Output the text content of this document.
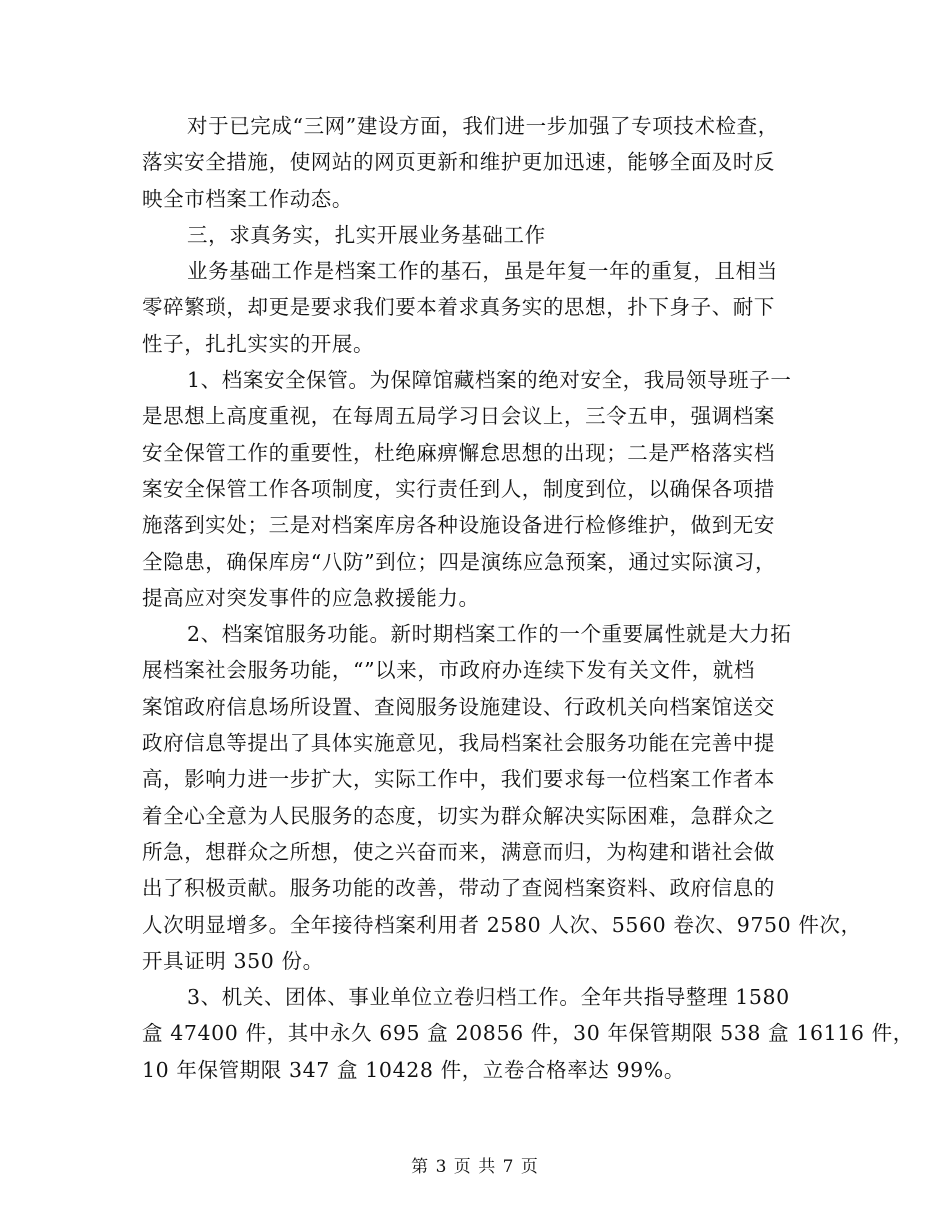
对于已完成“三网”建设方面，我们进一步加强了专项技术检查，
落实安全措施，使网站的网页更新和维护更加迅速，能够全面及时反
映全市档案工作动态。
三，求真务实，扎实开展业务基础工作
业务基础工作是档案工作的基石，虽是年复一年的重复，且相当
零碎繁琐，却更是要求我们要本着求真务实的思想，扑下身子、耐下
性子，扎扎实实的开展。
1、档案安全保管。为保障馆藏档案的绝对安全，我局领导班子一
是思想上高度重视，在每周五局学习日会议上，三令五申，强调档案
安全保管工作的重要性，杜绝麻痹懈怠思想的出现；二是严格落实档
案安全保管工作各项制度，实行责任到人，制度到位，以确保各项措
施落到实处；三是对档案库房各种设施设备进行检修维护，做到无安
全隐患，确保库房“八防”到位；四是演练应急预案，通过实际演习，
提高应对突发事件的应急救援能力。
2、档案馆服务功能。新时期档案工作的一个重要属性就是大力拓
展档案社会服务功能，“”以来，市政府办连续下发有关文件，就档
案馆政府信息场所设置、查阅服务设施建设、行政机关向档案馆送交
政府信息等提出了具体实施意见，我局档案社会服务功能在完善中提
高，影响力进一步扩大，实际工作中，我们要求每一位档案工作者本
着全心全意为人民服务的态度，切实为群众解决实际困难，急群众之
所急，想群众之所想，使之兴奋而来，满意而归，为构建和谐社会做
出了积极贡献。服务功能的改善，带动了查阅档案资料、政府信息的
人次明显增多。全年接待档案利用者 2580 人次、5560 卷次、9750 件次，
开具证明 350 份。
3、机关、团体、事业单位立卷归档工作。全年共指导整理 1580
盒 47400 件，其中永久 695 盒 20856 件，30 年保管期限 538 盒 16116 件，
10 年保管期限 347 盒 10428 件，立卷合格率达 99%。
第 3 页 共 7 页
